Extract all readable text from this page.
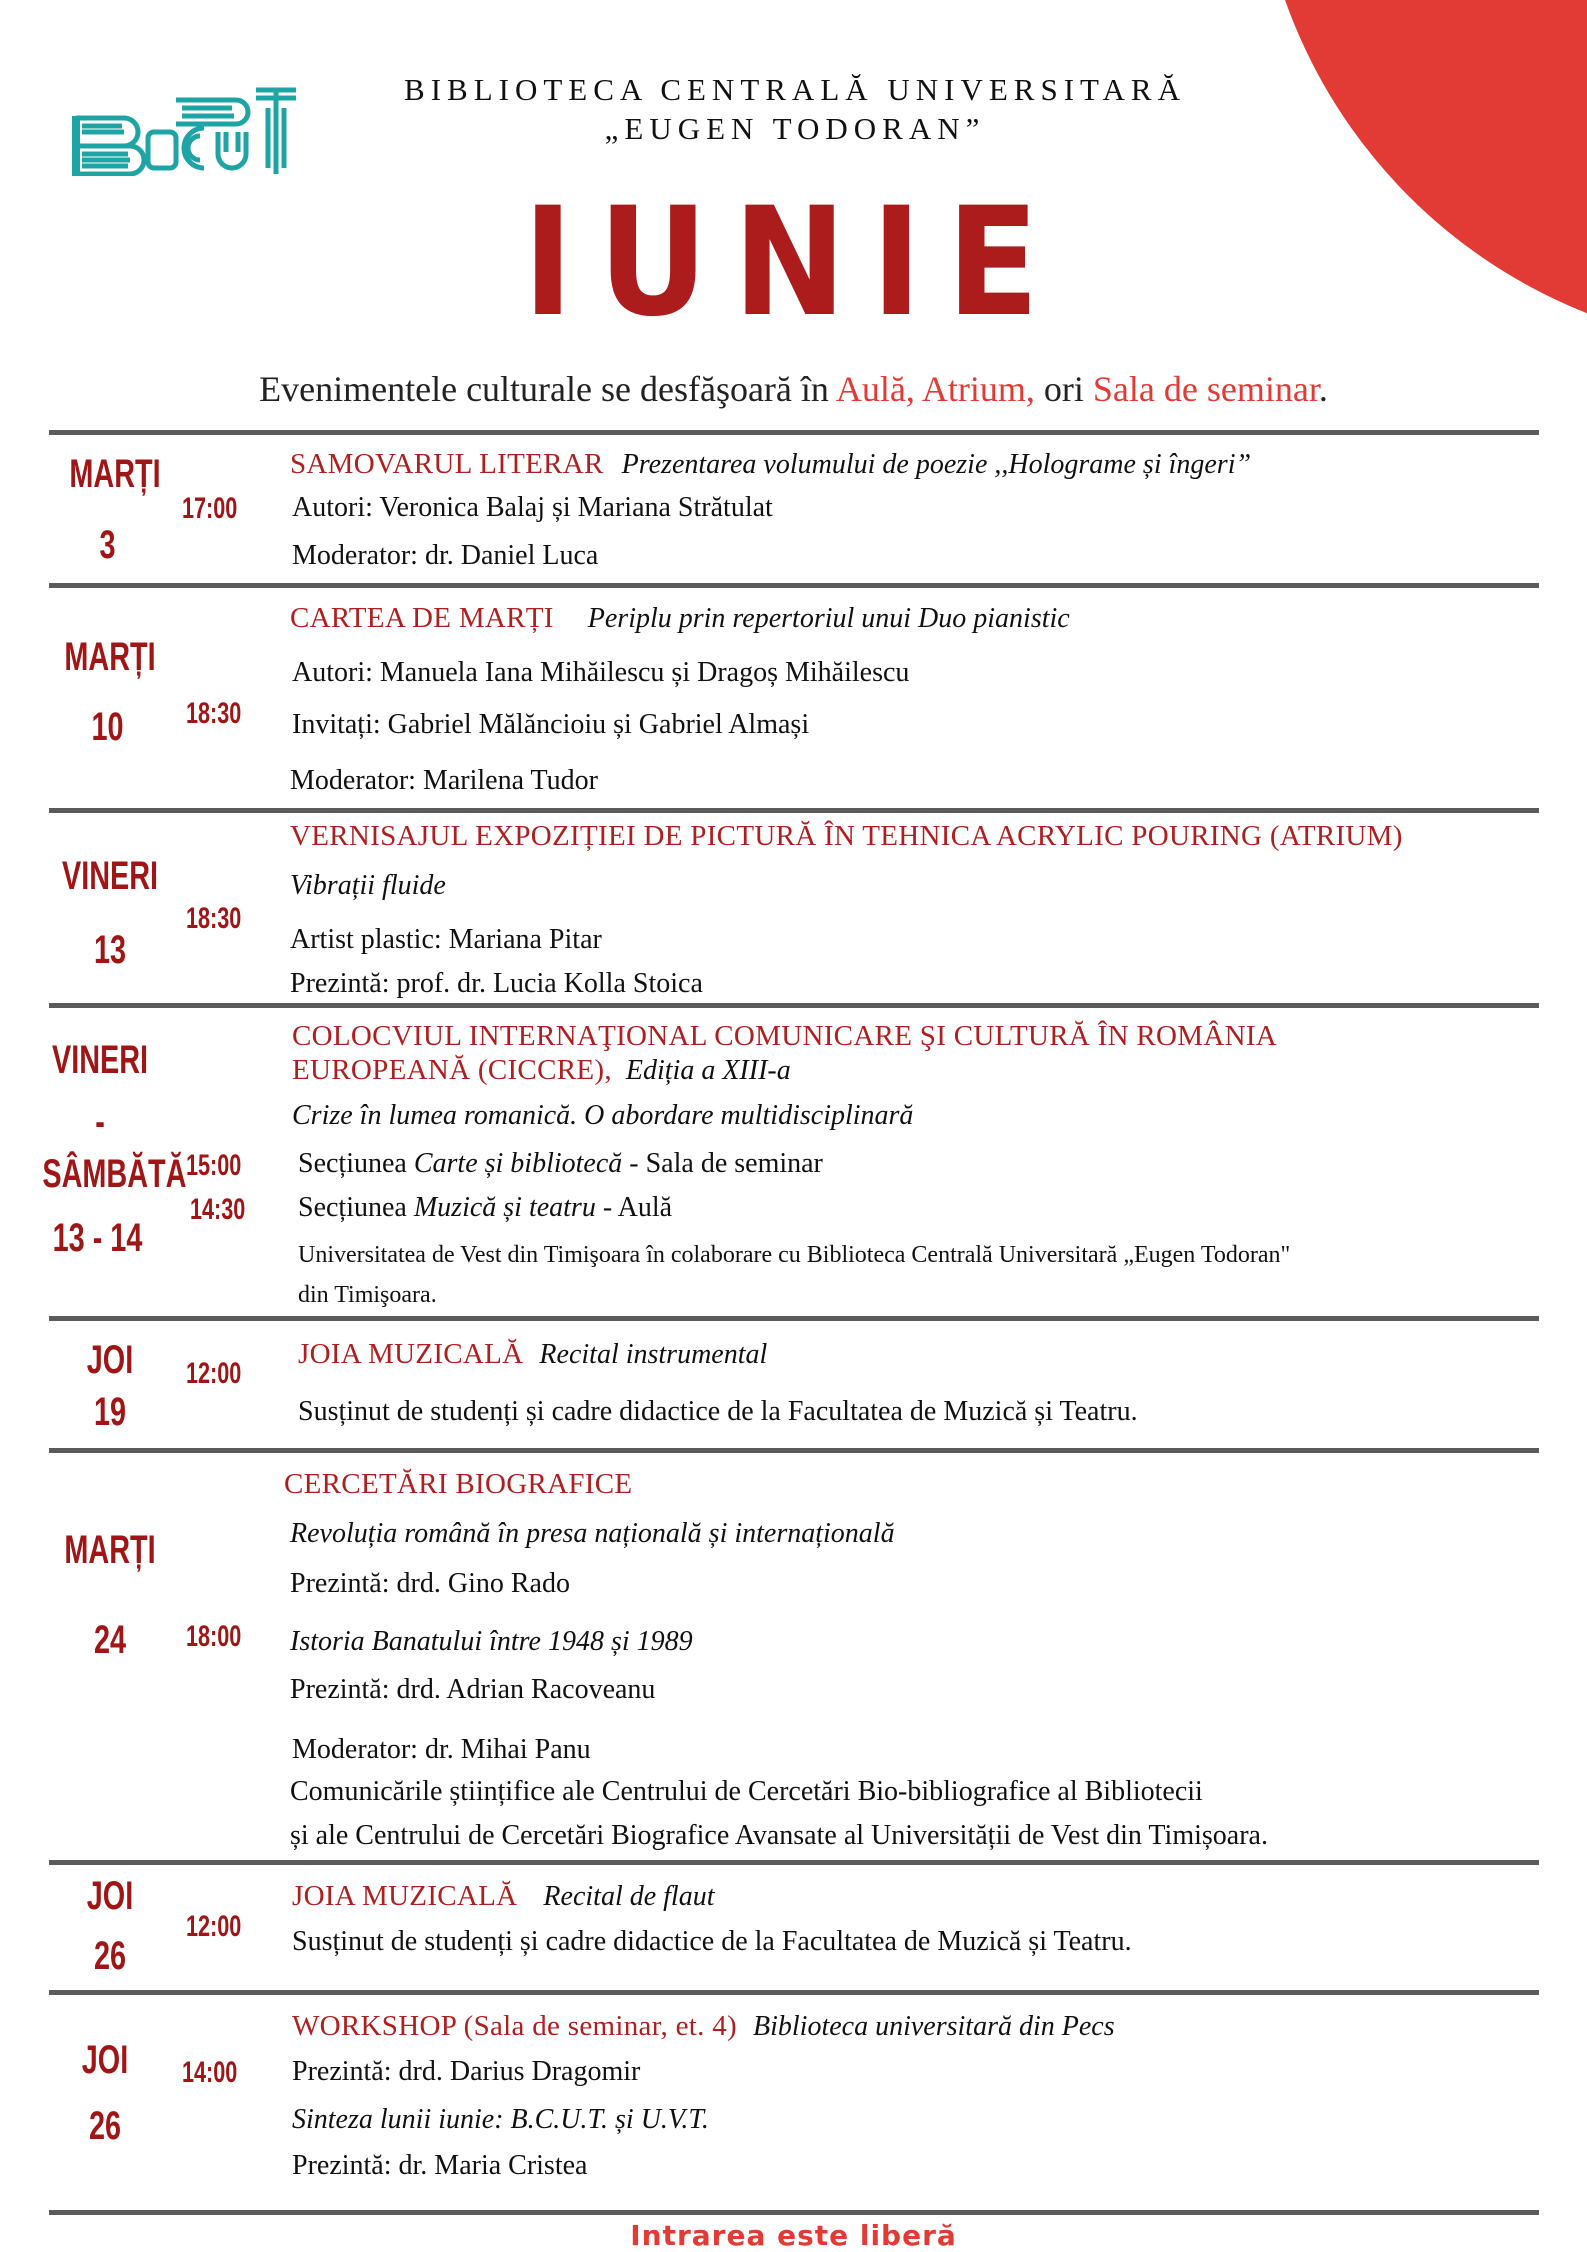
BIBLIOTECA CENTRALĂ UNIVERSITARĂ
„EUGEN TODORAN”
IUNIE
Evenimentele culturale se desfăşoară în Aulă, Atrium, ori Sala de seminar.
MARȚI
3
17:00
SAMOVARUL LITERAR Prezentarea volumului de poezie ,,Holograme și îngeri”
Autori: Veronica Balaj și Mariana Strătulat
Moderator: dr. Daniel Luca
MARȚI
10	18:30
CARTEA DE MARȚI Periplu prin repertoriul unui Duo pianistic
Autori: Manuela Iana Mihăilescu și Dragoș Mihăilescu
Invitați: Gabriel Mălăncioiu și Gabriel Almași
Moderator: Marilena Tudor
VINERI
13
18:30
VERNISAJUL EXPOZIȚIEI DE PICTURĂ ÎN TEHNICA ACRYLIC POURING (ATRIUM)
Vibrații fluide
Artist plastic: Mariana Pitar
Prezintă: prof. dr. Lucia Kolla Stoica
VINERI
-
SÂMBĂTĂ
13 - 14
15:00
14:30
COLOCVIUL INTERNAŢIONAL COMUNICARE ŞI CULTURĂ ÎN ROMÂNIA
EUROPEANĂ (CICCRE), Ediția a XIII-a
Crize în lumea romanică. O abordare multidisciplinară
Secțiunea Carte și bibliotecă - Sala de seminar
Secțiunea Muzică și teatru - Aulă
Universitatea de Vest din Timişoara în colaborare cu Biblioteca Centrală Universitară „Eugen Todoran"
din Timişoara.
JOI
19
12:00
JOIA MUZICALĂ Recital instrumental
Susținut de studenți și cadre didactice de la Facultatea de Muzică și Teatru.
MARȚI
24	18:00
CERCETĂRI BIOGRAFICE
Revoluția română în presa națională și internațională
Prezintă: drd. Gino Rado
Istoria Banatului între 1948 și 1989
Prezintă: drd. Adrian Racoveanu
Moderator: dr. Mihai Panu
Comunicările științifice ale Centrului de Cercetări Bio-bibliografice al Bibliotecii
și ale Centrului de Cercetări Biografice Avansate al Universității de Vest din Timișoara.
JOI
26
12:00
JOIA MUZICALĂ Recital de flaut
Susținut de studenți și cadre didactice de la Facultatea de Muzică și Teatru.
JOI
26
14:00
WORKSHOP (Sala de seminar, et. 4) Biblioteca universitară din Pecs
Prezintă: drd. Darius Dragomir
Sinteza lunii iunie: B.C.U.T. și U.V.T.
Prezintă: dr. Maria Cristea
Intrarea este liberă
